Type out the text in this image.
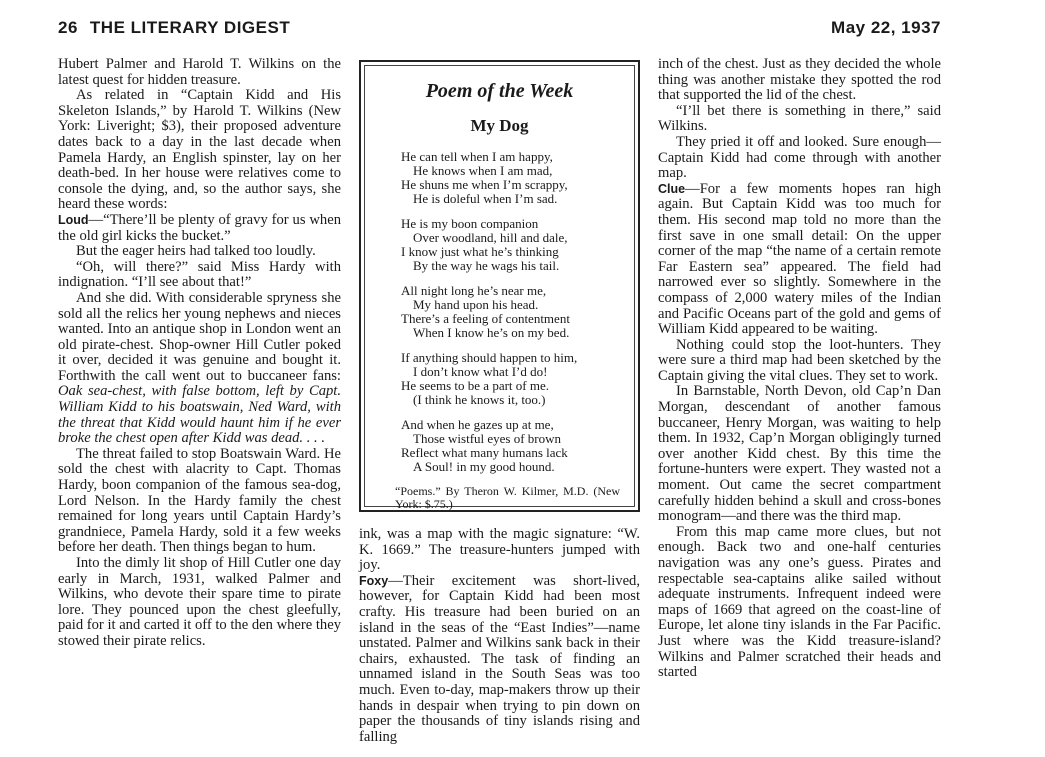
26 THE LITERARY DIGEST	May 22, 1937

Hubert Palmer and Harold T. Wilkins on the latest quest for hidden treasure.

As related in “Captain Kidd and His Skeleton Islands,” by Harold T. Wilkins (New York: Liveright; $3), their proposed adventure dates back to a day in the last decade when Pamela Hardy, an English spinster, lay on her death-bed. In her house were relatives come to console the dying, and, so the author says, she heard these words:

Loud—“There’ll be plenty of gravy for us when the old girl kicks the bucket.”

But the eager heirs had talked too loudly.

“Oh, will there?” said Miss Hardy with indignation. “I’ll see about that!”

And she did. With considerable spryness she sold all the relics her young nephews and nieces wanted. Into an antique shop in London went an old pirate-chest. Shop-owner Hill Cutler poked it over, decided it was genuine and bought it. Forthwith the call went out to buccaneer fans: Oak sea-chest, with false bottom, left by Capt. William Kidd to his boatswain, Ned Ward, with the threat that Kidd would haunt him if he ever broke the chest open after Kidd was dead. . . .

The threat failed to stop Boatswain Ward. He sold the chest with alacrity to Capt. Thomas Hardy, boon companion of the famous sea-dog, Lord Nelson. In the Hardy family the chest remained for long years until Captain Hardy’s grandniece, Pamela Hardy, sold it a few weeks before her death. Then things began to hum.

Into the dimly lit shop of Hill Cutler one day early in March, 1931, walked Palmer and Wilkins, who devote their spare time to pirate lore. They pounced upon the chest gleefully, paid for it and carted it off to the den where they stowed their pirate relics.

Poem of the Week
My Dog
He can tell when I am happy,
He knows when I am mad,
He shuns me when I’m scrappy,
He is doleful when I’m sad.
He is my boon companion
Over woodland, hill and dale,
I know just what he’s thinking
By the way he wags his tail.
All night long he’s near me,
My hand upon his head.
There’s a feeling of contentment
When I know he’s on my bed.
If anything should happen to him,
I don’t know what I’d do!
He seems to be a part of me.
(I think he knows it, too.)
And when he gazes up at me,
Those wistful eyes of brown
Reflect what many humans lack
A Soul! in my good hound.
“Poems.” By Theron W. Kilmer, M.D. (New York: $.75.)

ink, was a map with the magic signature: “W. K. 1669.” The treasure-hunters jumped with joy.

Foxy—Their excitement was short-lived, however, for Captain Kidd had been most crafty. His treasure had been buried on an island in the seas of the “East Indies”—name unstated. Palmer and Wilkins sank back in their chairs, exhausted. The task of finding an unnamed island in the South Seas was too much. Even to-day, map-makers throw up their hands in despair when trying to pin down on paper the thousands of tiny islands rising and falling

inch of the chest. Just as they decided the whole thing was another mistake they spotted the rod that supported the lid of the chest.

“I’ll bet there is something in there,” said Wilkins.

They pried it off and looked. Sure enough—Captain Kidd had come through with another map.

Clue—For a few moments hopes ran high again. But Captain Kidd was too much for them. His second map told no more than the first save in one small detail: On the upper corner of the map “the name of a certain remote Far Eastern sea” appeared. The field had narrowed ever so slightly. Somewhere in the compass of 2,000 watery miles of the Indian and Pacific Oceans part of the gold and gems of William Kidd appeared to be waiting.

Nothing could stop the loot-hunters. They were sure a third map had been sketched by the Captain giving the vital clues. They set to work.

In Barnstable, North Devon, old Cap’n Dan Morgan, descendant of another famous buccaneer, Henry Morgan, was waiting to help them. In 1932, Cap’n Morgan obligingly turned over another Kidd chest. By this time the fortune-hunters were expert. They wasted not a moment. Out came the secret compartment carefully hidden behind a skull and cross-bones monogram—and there was the third map.

From this map came more clues, but not enough. Back two and one-half centuries navigation was any one’s guess. Pirates and respectable sea-captains alike sailed without adequate instruments. Infrequent indeed were maps of 1669 that agreed on the coast-line of Europe, let alone tiny islands in the Far Pacific. Just where was the Kidd treasure-island? Wilkins and Palmer scratched their heads and started
